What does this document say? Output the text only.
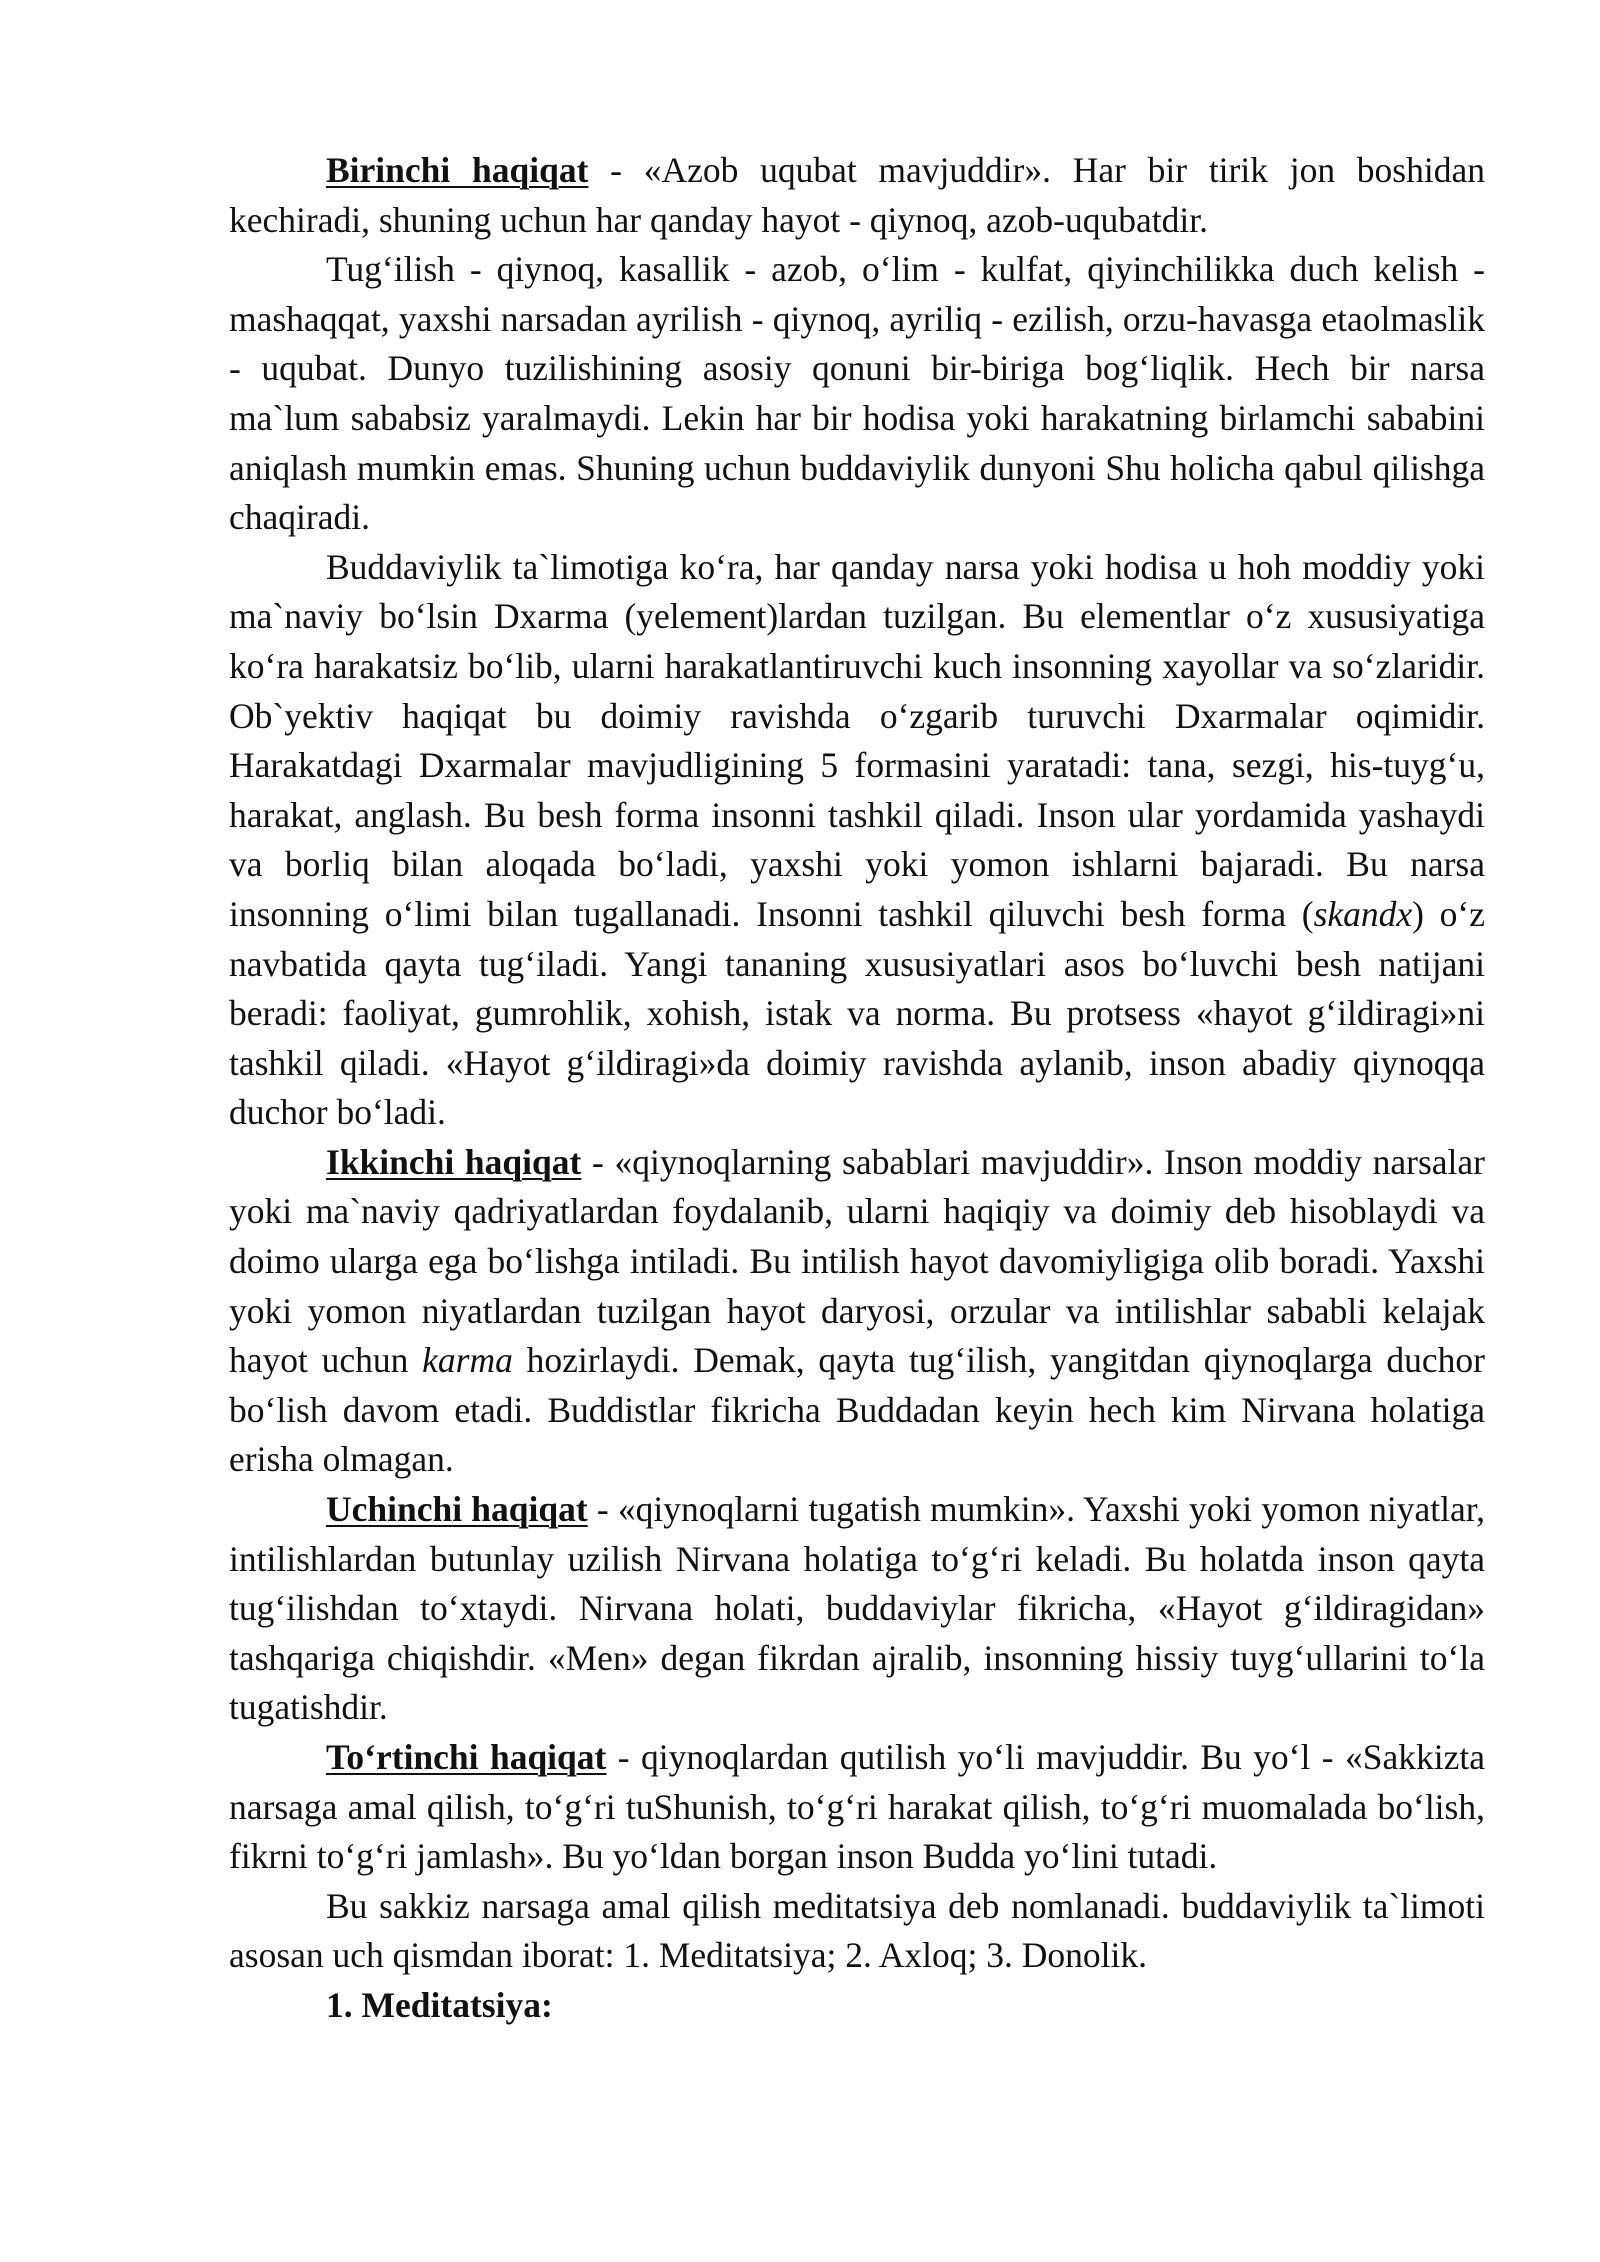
Birinchi haqiqat - «Azob uqubat mavjuddir». Har bir tirik jon boshidan kechiradi, shuning uchun har qanday hayot - qiynoq, azob-uqubatdir.

Tug‘ilish - qiynoq, kasallik - azob, o‘lim - kulfat, qiyinchilikka duch kelish - mashaqqat, yaxshi narsadan ayrilish - qiynoq, ayriliq - ezilish, orzu-havasga etaolmaslik - uqubat. Dunyo tuzilishining asosiy qonuni bir-biriga bog‘liqlik. Hech bir narsa ma`lum sababsiz yaralmaydi. Lekin har bir hodisa yoki harakatning birlamchi sababini aniqlash mumkin emas. Shuning uchun buddaviylik dunyoni Shu holicha qabul qilishga chaqiradi.

Buddaviylik ta`limotiga ko‘ra, har qanday narsa yoki hodisa u hoh moddiy yoki ma`naviy bo‘lsin Dxarma (yelement)lardan tuzilgan. Bu elementlar o‘z xususiyatiga ko‘ra harakatsiz bo‘lib, ularni harakatlantiruvchi kuch insonning xayollar va so‘zlaridir. Ob`yektiv haqiqat bu doimiy ravishda o‘zgarib turuvchi Dxarmalar oqimidir. Harakatdagi Dxarmalar mavjudligining 5 formasini yaratadi: tana, sezgi, his-tuyg‘u, harakat, anglash. Bu besh forma insonni tashkil qiladi. Inson ular yordamida yashaydi va borliq bilan aloqada bo‘ladi, yaxshi yoki yomon ishlarni bajaradi. Bu narsa insonning o‘limi bilan tugallanadi. Insonni tashkil qiluvchi besh forma (skandx) o‘z navbatida qayta tug‘iladi. Yangi tananing xususiyatlari asos bo‘luvchi besh natijani beradi: faoliyat, gumrohlik, xohish, istak va norma. Bu protsess «hayot g‘ildiragi»ni tashkil qiladi. «Hayot g‘ildiragi»da doimiy ravishda aylanib, inson abadiy qiynoqqa duchor bo‘ladi.

Ikkinchi haqiqat - «qiynoqlarning sabablari mavjuddir». Inson moddiy narsalar yoki ma`naviy qadriyatlardan foydalanib, ularni haqiqiy va doimiy deb hisoblaydi va doimo ularga ega bo‘lishga intiladi. Bu intilish hayot davomiyligiga olib boradi. Yaxshi yoki yomon niyatlardan tuzilgan hayot daryosi, orzular va intilishlar sababli kelajak hayot uchun karma hozirlaydi. Demak, qayta tug‘ilish, yangitdan qiynoqlarga duchor bo‘lish davom etadi. Buddistlar fikricha Buddadan keyin hech kim Nirvana holatiga erisha olmagan.

Uchinchi haqiqat - «qiynoqlarni tugatish mumkin». Yaxshi yoki yomon niyatlar, intilishlardan butunlay uzilish Nirvana holatiga to‘g‘ri keladi. Bu holatda inson qayta tug‘ilishdan to‘xtaydi. Nirvana holati, buddaviylar fikricha, «Hayot g‘ildiragidan» tashqariga chiqishdir. «Men» degan fikrdan ajralib, insonning hissiy tuyg‘ullarini to‘la tugatishdir.

To‘rtinchi haqiqat - qiynoqlardan qutilish yo‘li mavjuddir. Bu yo‘l - «Sakkizta narsaga amal qilish, to‘g‘ri tuShunish, to‘g‘ri harakat qilish, to‘g‘ri muomalada bo‘lish, fikrni to‘g‘ri jamlash». Bu yo‘ldan borgan inson Budda yo‘lini tutadi.

Bu sakkiz narsaga amal qilish meditatsiya deb nomlanadi. buddaviylik ta`limoti asosan uch qismdan iborat: 1. Meditatsiya; 2. Axloq; 3. Donolik.

1. Meditatsiya:
